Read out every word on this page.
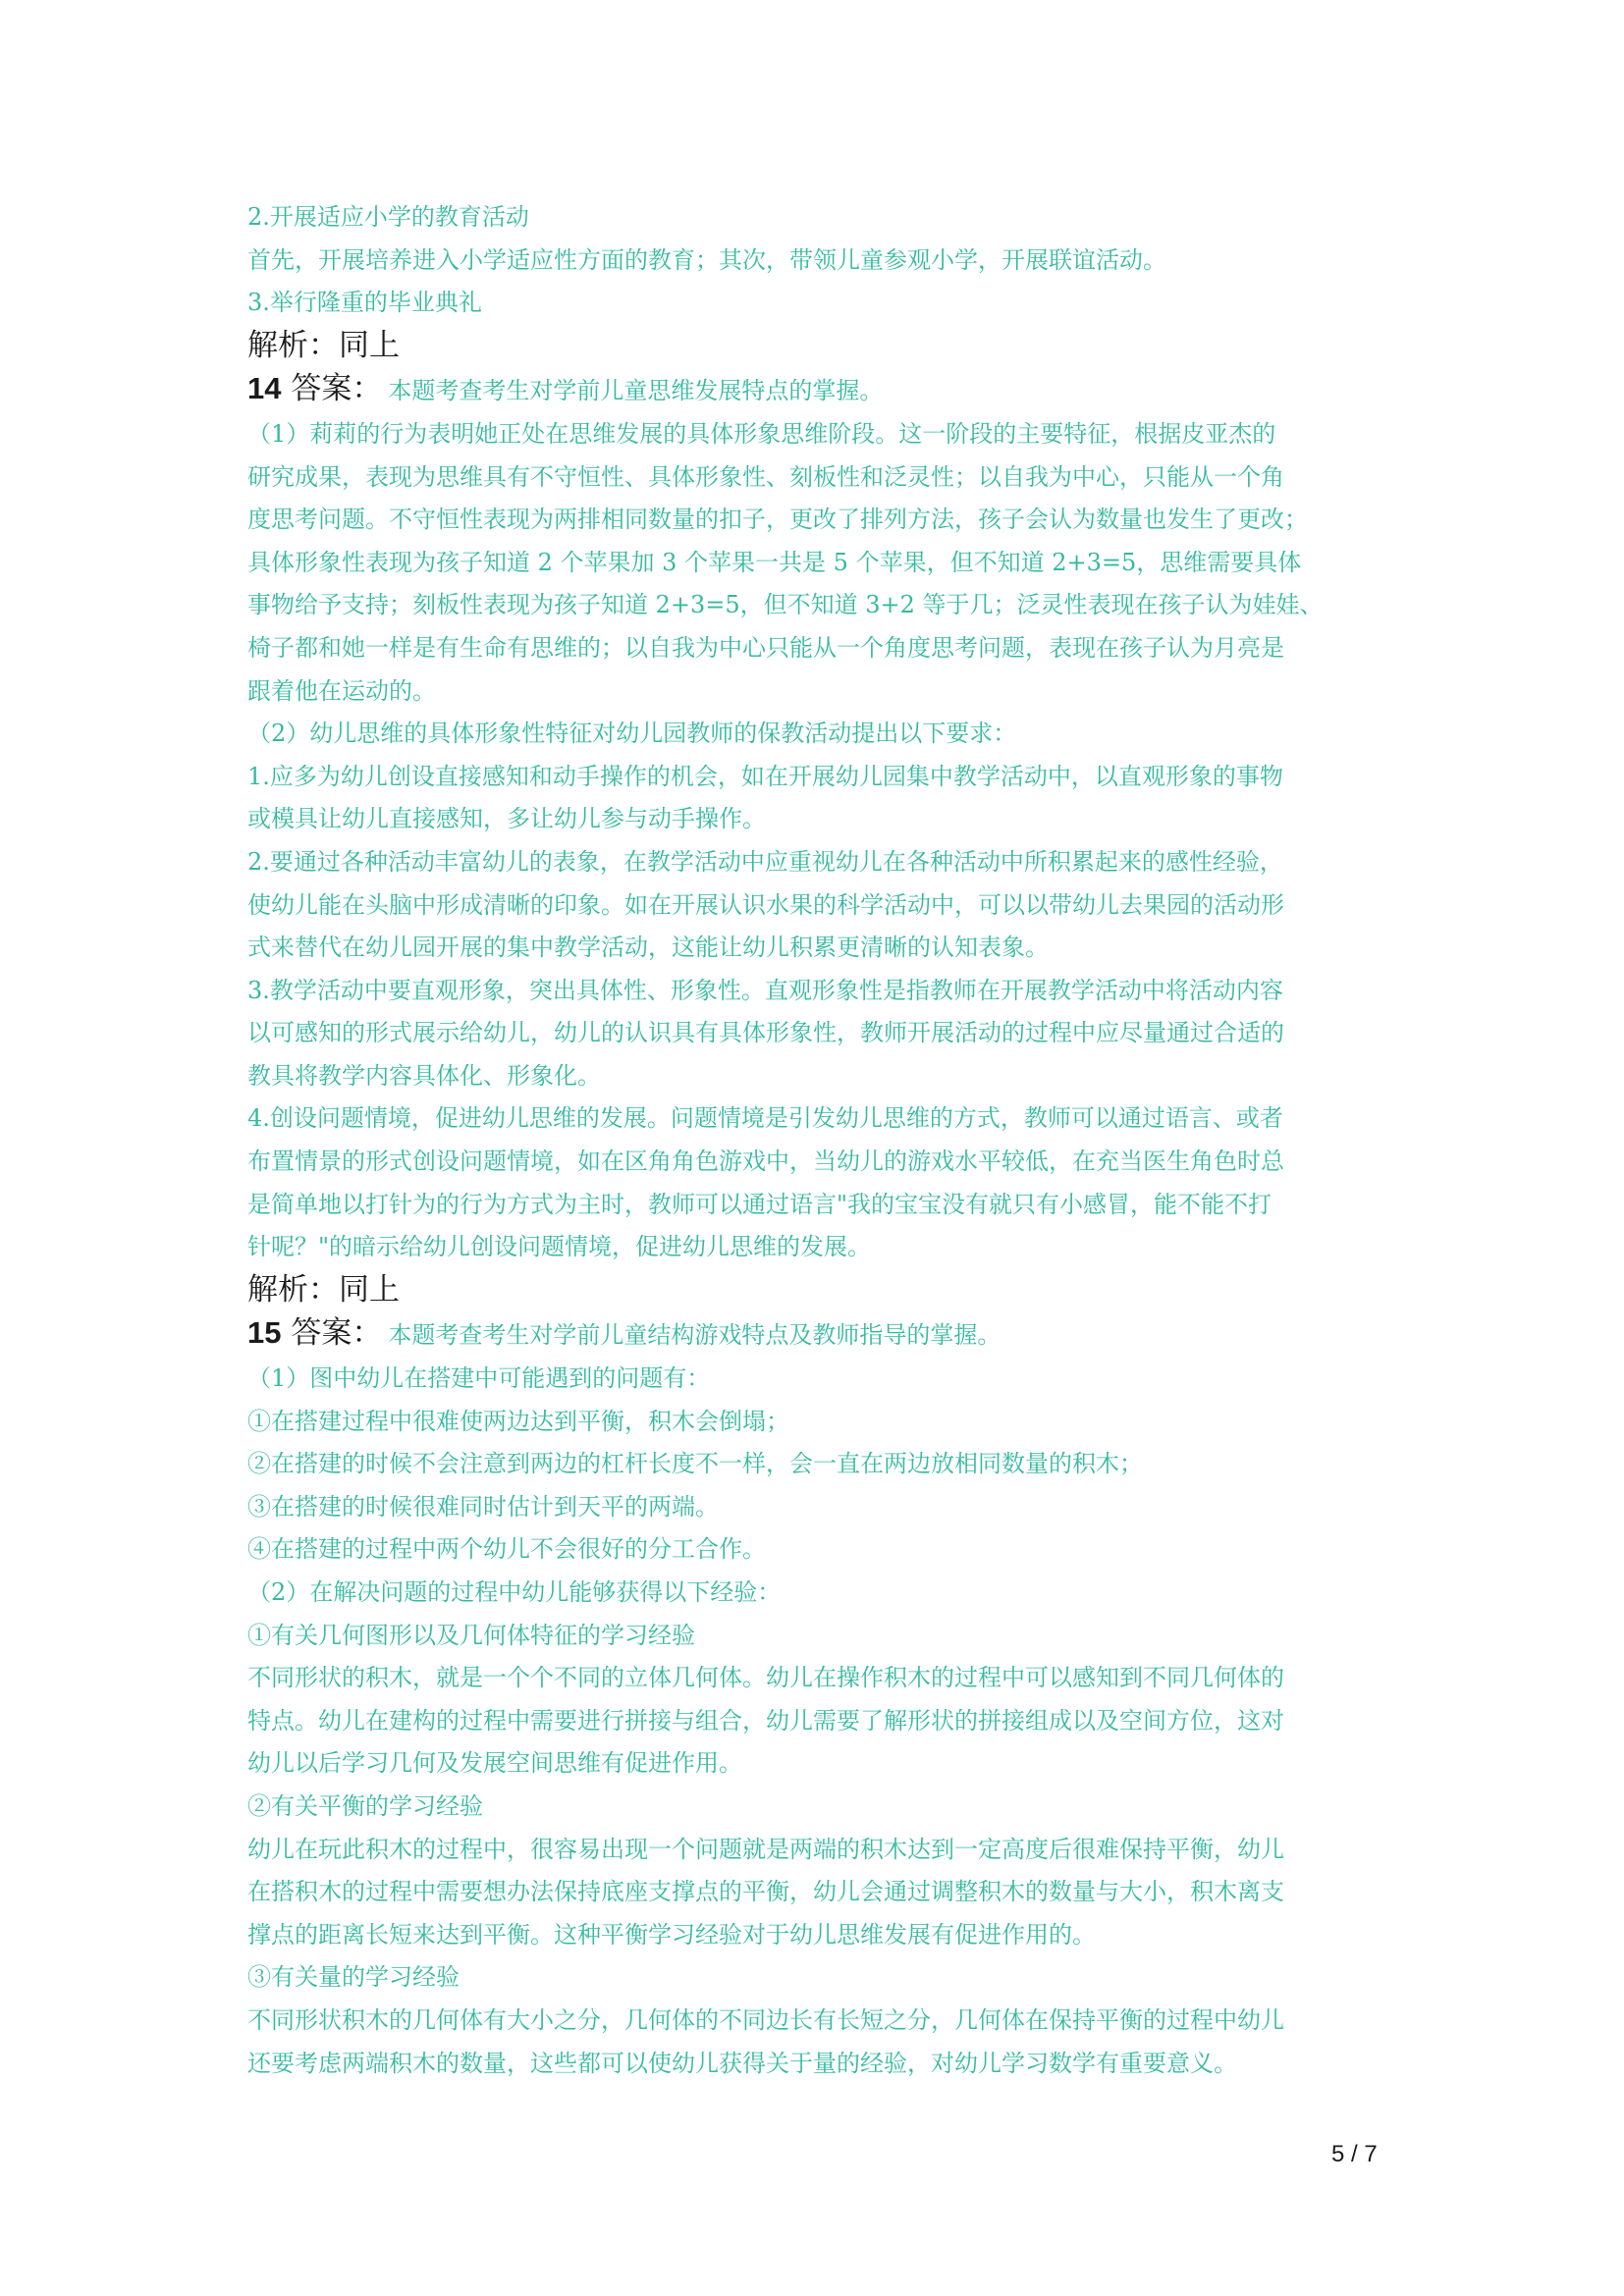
2.开展适应小学的教育活动

首先，开展培养进入小学适应性方面的教育；其次，带领儿童参观小学，开展联谊活动。

3.举行隆重的毕业典礼

解析：同上

14 答案： 本题考查考生对学前儿童思维发展特点的掌握。

（1）莉莉的行为表明她正处在思维发展的具体形象思维阶段。这一阶段的主要特征，根据皮亚杰的

研究成果，表现为思维具有不守恒性、具体形象性、刻板性和泛灵性；以自我为中心，只能从一个角

度思考问题。不守恒性表现为两排相同数量的扣子，更改了排列方法，孩子会认为数量也发生了更改；

具体形象性表现为孩子知道 2 个苹果加 3 个苹果一共是 5 个苹果，但不知道 2+3=5，思维需要具体

事物给予支持；刻板性表现为孩子知道 2+3=5，但不知道 3+2 等于几；泛灵性表现在孩子认为娃娃、

椅子都和她一样是有生命有思维的；以自我为中心只能从一个角度思考问题，表现在孩子认为月亮是

跟着他在运动的。

（2）幼儿思维的具体形象性特征对幼儿园教师的保教活动提出以下要求：

1.应多为幼儿创设直接感知和动手操作的机会，如在开展幼儿园集中教学活动中，以直观形象的事物

或模具让幼儿直接感知，多让幼儿参与动手操作。

2.要通过各种活动丰富幼儿的表象，在教学活动中应重视幼儿在各种活动中所积累起来的感性经验，

使幼儿能在头脑中形成清晰的印象。如在开展认识水果的科学活动中，可以以带幼儿去果园的活动形

式来替代在幼儿园开展的集中教学活动，这能让幼儿积累更清晰的认知表象。

3.教学活动中要直观形象，突出具体性、形象性。直观形象性是指教师在开展教学活动中将活动内容

以可感知的形式展示给幼儿，幼儿的认识具有具体形象性，教师开展活动的过程中应尽量通过合适的

教具将教学内容具体化、形象化。

4.创设问题情境，促进幼儿思维的发展。问题情境是引发幼儿思维的方式，教师可以通过语言、或者

布置情景的形式创设问题情境，如在区角角色游戏中，当幼儿的游戏水平较低，在充当医生角色时总

是简单地以打针为的行为方式为主时，教师可以通过语言"我的宝宝没有就只有小感冒，能不能不打

针呢？"的暗示给幼儿创设问题情境，促进幼儿思维的发展。

解析：同上

15 答案： 本题考查考生对学前儿童结构游戏特点及教师指导的掌握。

（1）图中幼儿在搭建中可能遇到的问题有：

①在搭建过程中很难使两边达到平衡，积木会倒塌；

②在搭建的时候不会注意到两边的杠杆长度不一样，会一直在两边放相同数量的积木；

③在搭建的时候很难同时估计到天平的两端。

④在搭建的过程中两个幼儿不会很好的分工合作。

（2）在解决问题的过程中幼儿能够获得以下经验：

①有关几何图形以及几何体特征的学习经验

不同形状的积木，就是一个个不同的立体几何体。幼儿在操作积木的过程中可以感知到不同几何体的

特点。幼儿在建构的过程中需要进行拼接与组合，幼儿需要了解形状的拼接组成以及空间方位，这对

幼儿以后学习几何及发展空间思维有促进作用。

②有关平衡的学习经验

幼儿在玩此积木的过程中，很容易出现一个问题就是两端的积木达到一定高度后很难保持平衡，幼儿

在搭积木的过程中需要想办法保持底座支撑点的平衡，幼儿会通过调整积木的数量与大小，积木离支

撑点的距离长短来达到平衡。这种平衡学习经验对于幼儿思维发展有促进作用的。

③有关量的学习经验

不同形状积木的几何体有大小之分，几何体的不同边长有长短之分，几何体在保持平衡的过程中幼儿

还要考虑两端积木的数量，这些都可以使幼儿获得关于量的经验，对幼儿学习数学有重要意义。

5 / 7
